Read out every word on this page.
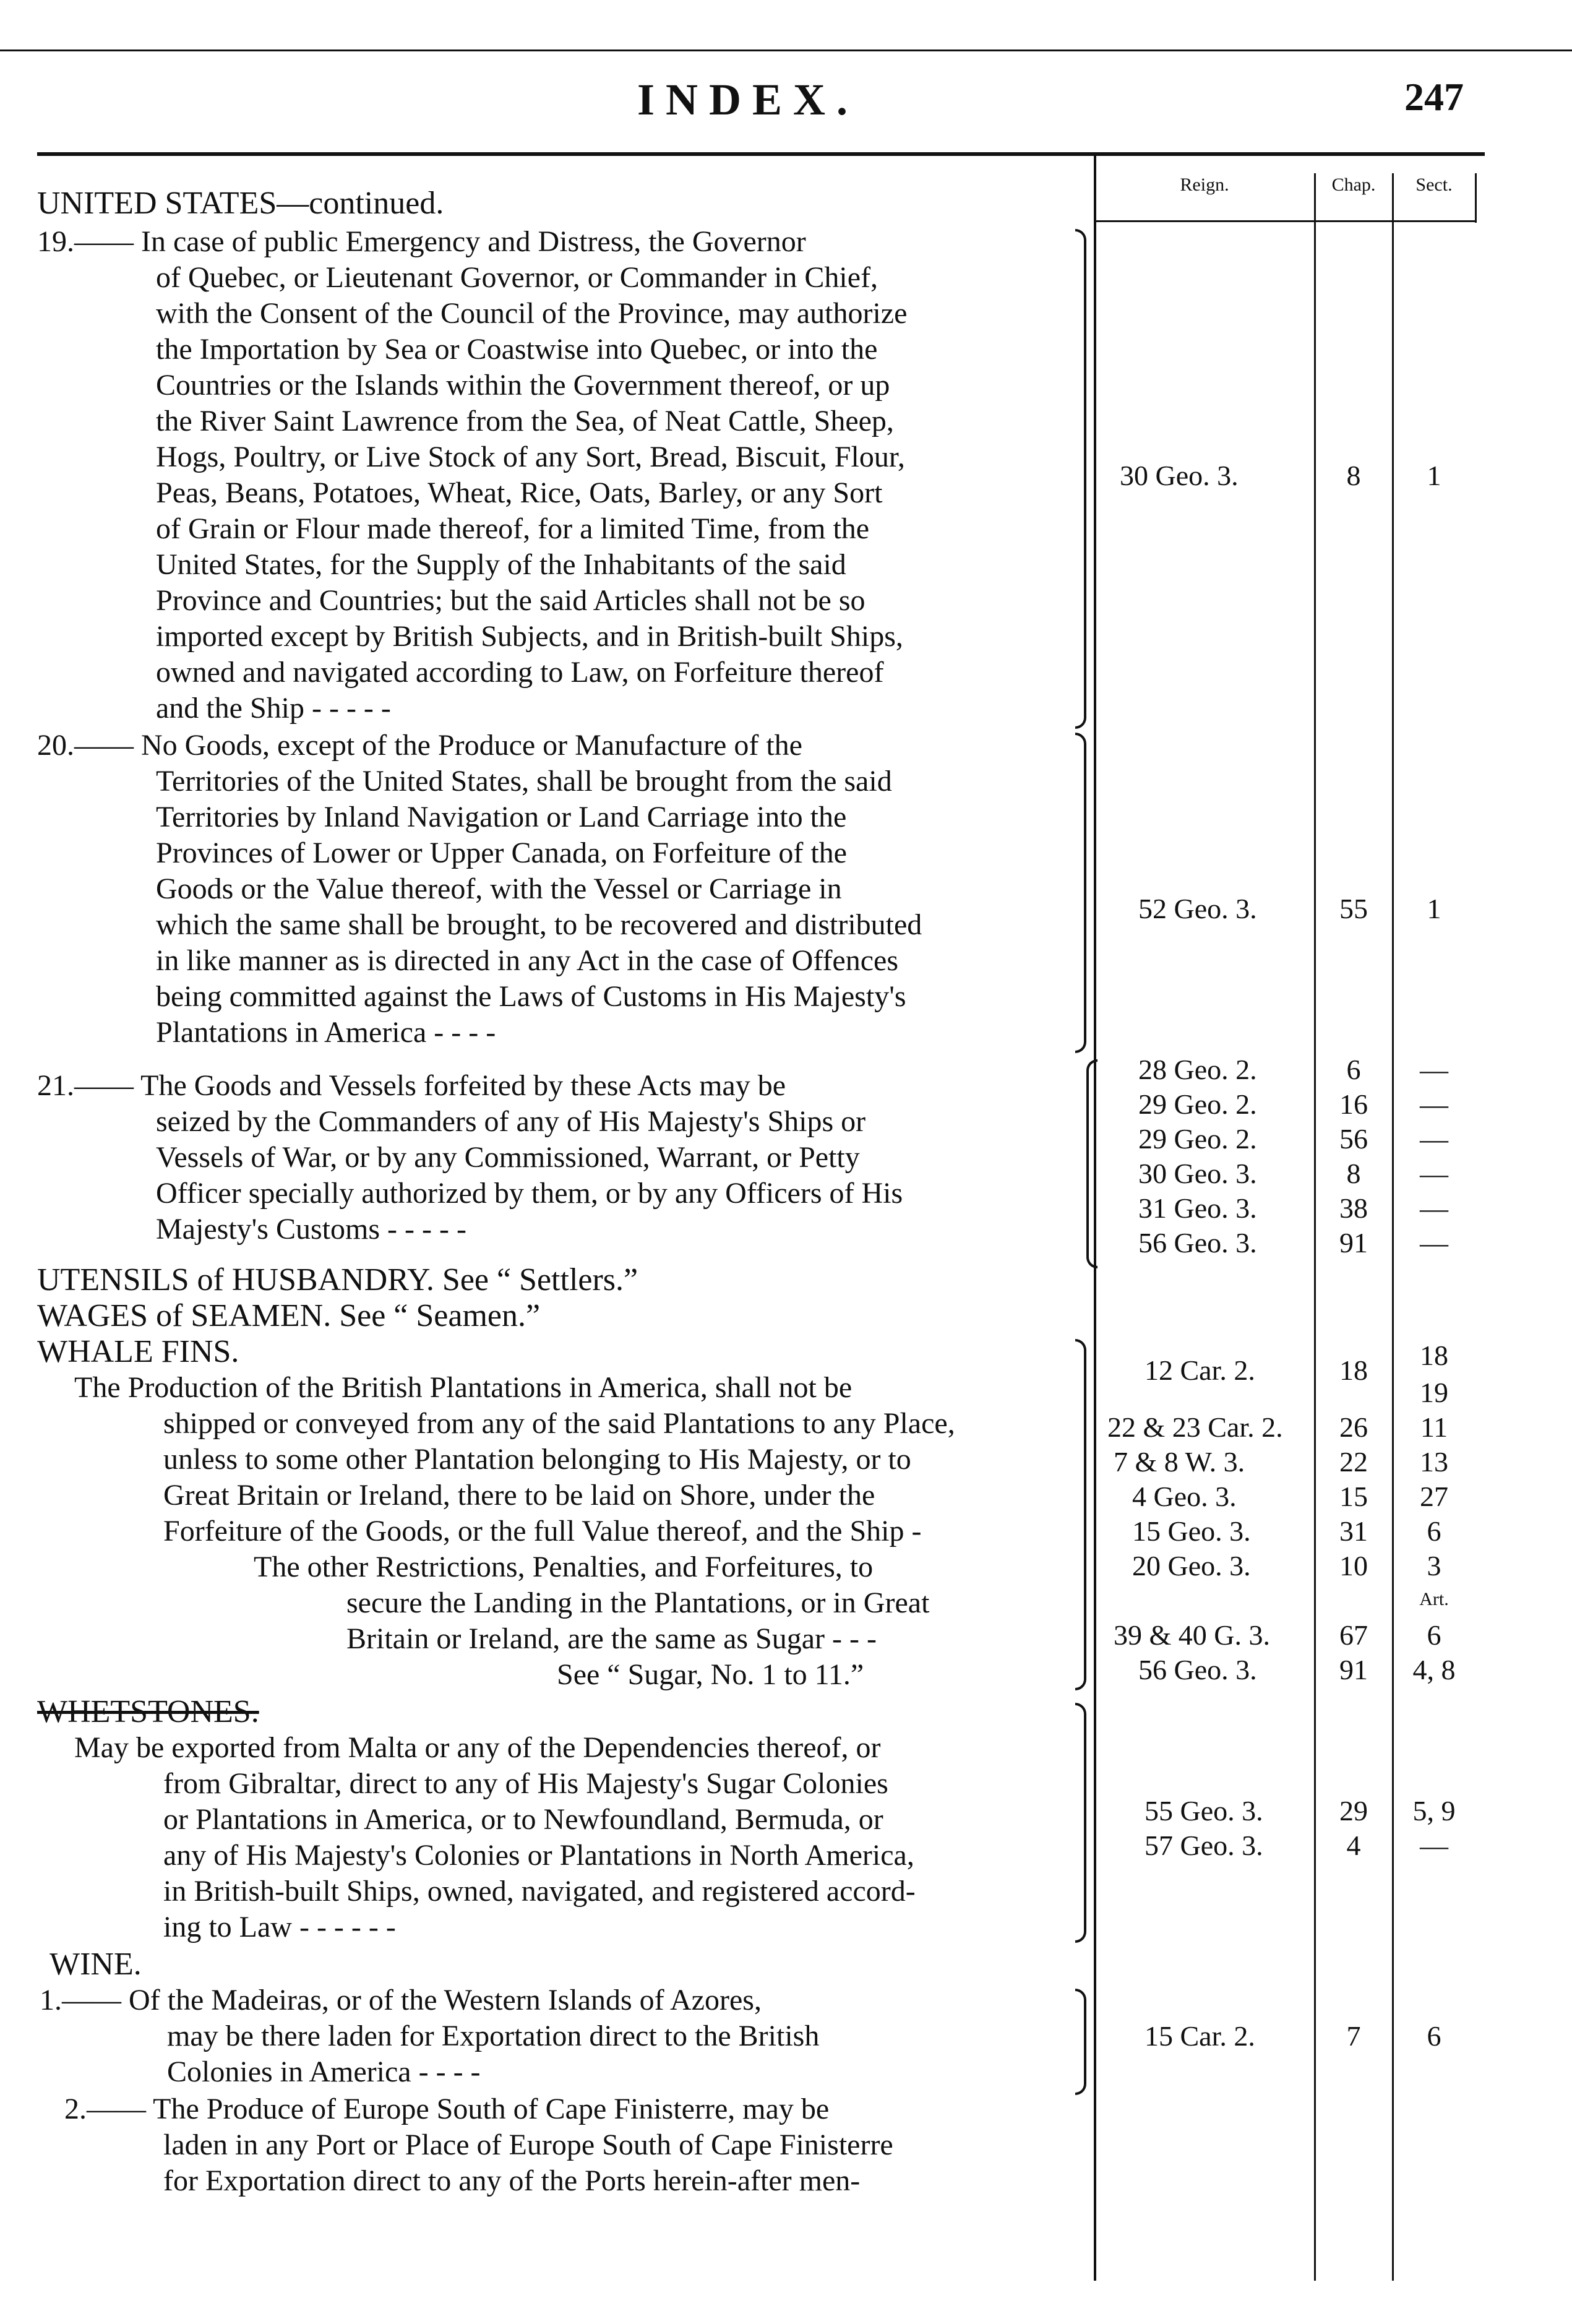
INDEX.	247
Reign.	Chap.	Sect.
UNITED STATES—continued.
19.—— In case of public Emergency and Distress, the Governor
of Quebec, or Lieutenant Governor, or Commander in Chief,
with the Consent of the Council of the Province, may authorize
the Importation by Sea or Coastwise into Quebec, or into the
Countries or the Islands within the Government thereof, or up
the River Saint Lawrence from the Sea, of Neat Cattle, Sheep,
Hogs, Poultry, or Live Stock of any Sort, Bread, Biscuit, Flour,
Peas, Beans, Potatoes, Wheat, Rice, Oats, Barley, or any Sort
of Grain or Flour made thereof, for a limited Time, from the
United States, for the Supply of the Inhabitants of the said
Province and Countries; but the said Articles shall not be so
imported except by British Subjects, and in British-built Ships,
owned and navigated according to Law, on Forfeiture thereof
and the Ship - - - - -
30 Geo. 3.	8	1
20.—— No Goods, except of the Produce or Manufacture of the
Territories of the United States, shall be brought from the said
Territories by Inland Navigation or Land Carriage into the
Provinces of Lower or Upper Canada, on Forfeiture of the
Goods or the Value thereof, with the Vessel or Carriage in
which the same shall be brought, to be recovered and distributed
in like manner as is directed in any Act in the case of Offences
being committed against the Laws of Customs in His Majesty's
Plantations in America - - - -
52 Geo. 3.	55	1
21.—— The Goods and Vessels forfeited by these Acts may be
seized by the Commanders of any of His Majesty's Ships or
Vessels of War, or by any Commissioned, Warrant, or Petty
Officer specially authorized by them, or by any Officers of His
Majesty's Customs - - - - -
28 Geo. 2.	6	—
29 Geo. 2.	16	—
29 Geo. 2.	56	—
30 Geo. 3.	8	—
31 Geo. 3.	38	—
56 Geo. 3.	91	—
UTENSILS of HUSBANDRY. See “ Settlers.”
WAGES of SEAMEN. See “ Seamen.”
WHALE FINS.
The Production of the British Plantations in America, shall not be
shipped or conveyed from any of the said Plantations to any Place,
unless to some other Plantation belonging to His Majesty, or to
Great Britain or Ireland, there to be laid on Shore, under the
Forfeiture of the Goods, or the full Value thereof, and the Ship -
The other Restrictions, Penalties, and Forfeitures, to
secure the Landing in the Plantations, or in Great
Britain or Ireland, are the same as Sugar - - -
See “ Sugar, No. 1 to 11.”
12 Car. 2.	18	18
19
22 & 23 Car. 2.	26	11
7 & 8 W. 3.	22	13
4 Geo. 3.	15	27
15 Geo. 3.	31	6
20 Geo. 3.	10	3
Art.
39 & 40 G. 3.	67	6
56 Geo. 3.	91	4, 8
WHETSTONES.
May be exported from Malta or any of the Dependencies thereof, or
from Gibraltar, direct to any of His Majesty's Sugar Colonies
or Plantations in America, or to Newfoundland, Bermuda, or
any of His Majesty's Colonies or Plantations in North America,
in British-built Ships, owned, navigated, and registered accord-
ing to Law - - - - - -
55 Geo. 3.	29	5, 9
57 Geo. 3.	4	—
WINE.
1.—— Of the Madeiras, or of the Western Islands of Azores,
may be there laden for Exportation direct to the British
Colonies in America - - - -
15 Car. 2.	7	6
2.—— The Produce of Europe South of Cape Finisterre, may be
laden in any Port or Place of Europe South of Cape Finisterre
for Exportation direct to any of the Ports herein-after men-
